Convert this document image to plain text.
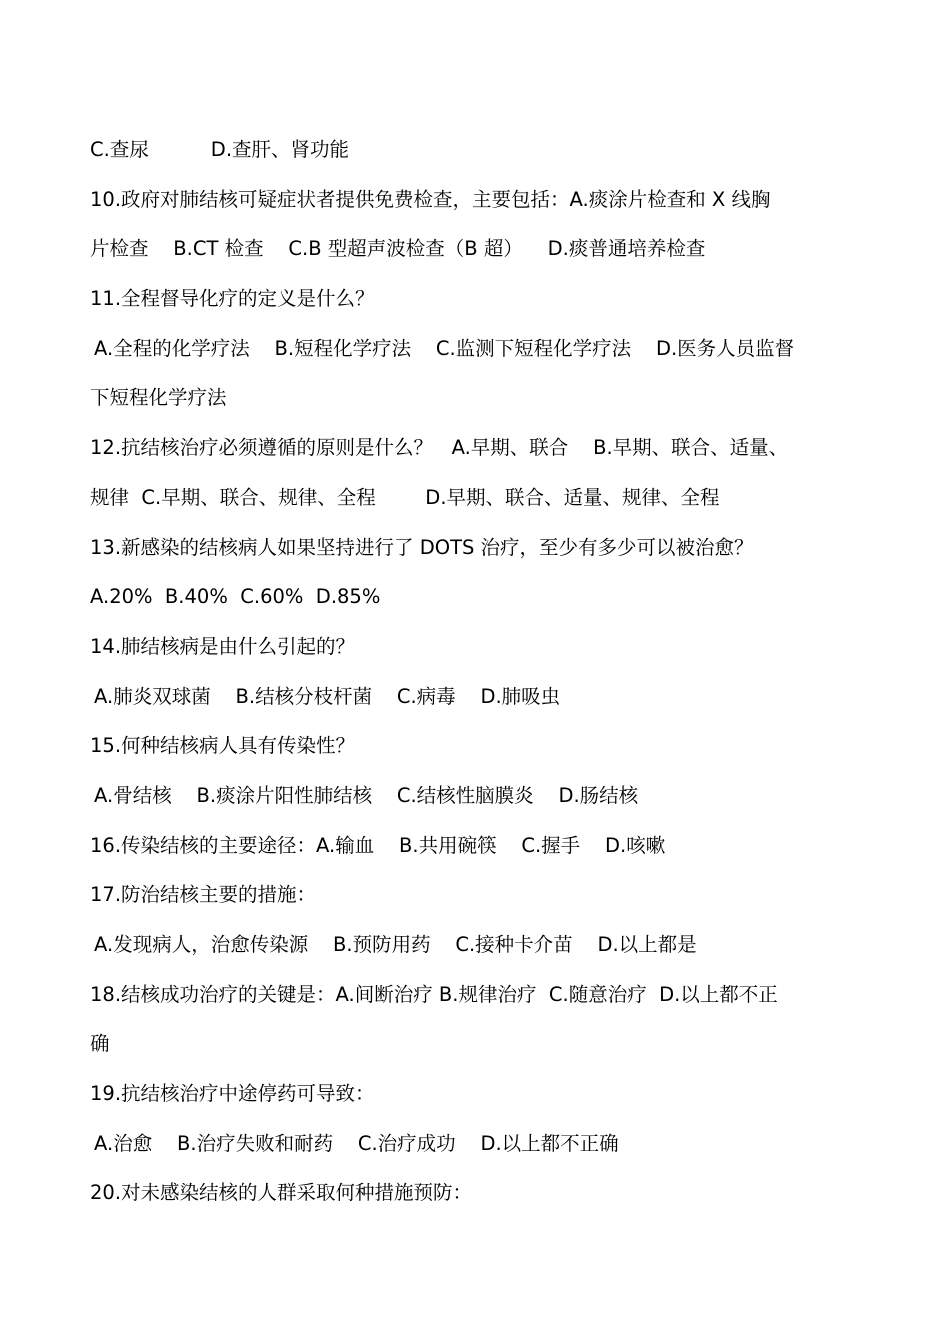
C.查尿          D.查肝、肾功能
10.政府对肺结核可疑症状者提供免费检查，主要包括：A.痰涂片检查和 X 线胸
片检查    B.CT 检查    C.B 型超声波检查（B 超）    D.痰普通培养检查
11.全程督导化疗的定义是什么？
A.全程的化学疗法    B.短程化学疗法    C.监测下短程化学疗法    D.医务人员监督
下短程化学疗法
12.抗结核治疗必须遵循的原则是什么？   A.早期、联合    B.早期、联合、适量、
规律  C.早期、联合、规律、全程        D.早期、联合、适量、规律、全程
13.新感染的结核病人如果坚持进行了 DOTS 治疗，至少有多少可以被治愈？
A.20%  B.40%  C.60%  D.85%
14.肺结核病是由什么引起的？
A.肺炎双球菌    B.结核分枝杆菌    C.病毒    D.肺吸虫
15.何种结核病人具有传染性？
A.骨结核    B.痰涂片阳性肺结核    C.结核性脑膜炎    D.肠结核
16.传染结核的主要途径：A.输血    B.共用碗筷    C.握手    D.咳嗽
17.防治结核主要的措施：
A.发现病人，治愈传染源    B.预防用药    C.接种卡介苗    D.以上都是
18.结核成功治疗的关键是：A.间断治疗 B.规律治疗  C.随意治疗  D.以上都不正
确
19.抗结核治疗中途停药可导致：
A.治愈    B.治疗失败和耐药    C.治疗成功    D.以上都不正确
20.对未感染结核的人群采取何种措施预防：
